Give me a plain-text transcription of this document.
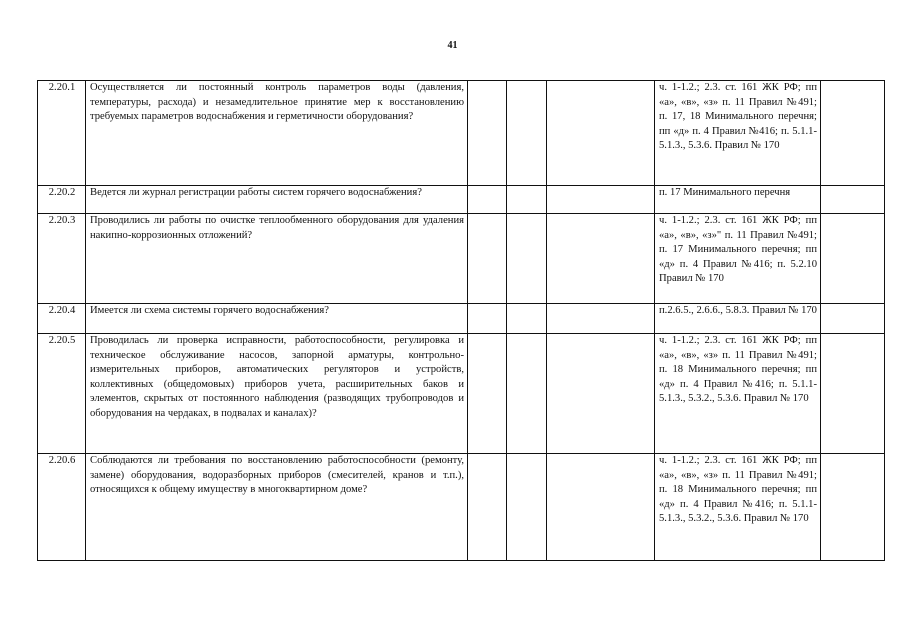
41
2.20.1	Осуществляется ли постоянный контроль параметров воды (давления, температуры, расхода) и незамедлительное принятие мер к восстановлению требуемых параметров водоснабжения и герметичности оборудования?				ч. 1-1.2.; 2.3. ст. 161 ЖК РФ; пп «а», «в», «з» п. 11 Правил №491; п. 17, 18 Минимального перечня; пп «д» п. 4 Правил №416; п. 5.1.1- 5.1.3., 5.3.6. Правил № 170	
2.20.2	Ведется ли журнал регистрации работы систем горячего водоснабжения?				п. 17 Минимального перечня	
2.20.3	Проводились ли работы по очистке теплообменного оборудования для удаления накипно-коррозионных отложений?				ч. 1-1.2.; 2.3. ст. 161 ЖК РФ; пп «а», «в», «з»" п. 11 Правил №491; п. 17 Минимального перечня; пп «д» п. 4 Правил №416; п. 5.2.10 Правил № 170	
2.20.4	Имеется ли схема системы горячего водоснабжения?				п.2.6.5., 2.6.6., 5.8.3. Правил № 170	
2.20.5	Проводилась ли проверка исправности, работоспособности, регулировка и техническое обслуживание насосов, запорной арматуры, контрольно-измерительных приборов, автоматических регуляторов и устройств, коллективных (общедомовых) приборов учета, расширительных баков и элементов, скрытых от постоянного наблюдения (разводящих трубопроводов и оборудования на чердаках, в подвалах и каналах)?				ч. 1-1.2.; 2.3. ст. 161 ЖК РФ; пп «а», «в», «з» п. 11 Правил №491; п. 18 Минимального перечня; пп «д» п. 4 Правил №416; п. 5.1.1- 5.1.3., 5.3.2., 5.3.6. Правил № 170	
2.20.6	Соблюдаются ли требования по восстановлению работоспособности (ремонту, замене) оборудования, водоразборных приборов (смесителей, кранов и т.п.), относящихся к общему имуществу в многоквартирном доме?				ч. 1-1.2.; 2.3. ст. 161 ЖК РФ; пп «а», «в», «з» п. 11 Правил №491; п. 18 Минимального перечня; пп «д» п. 4 Правил №416; п. 5.1.1- 5.1.3., 5.3.2., 5.3.6. Правил № 170	
